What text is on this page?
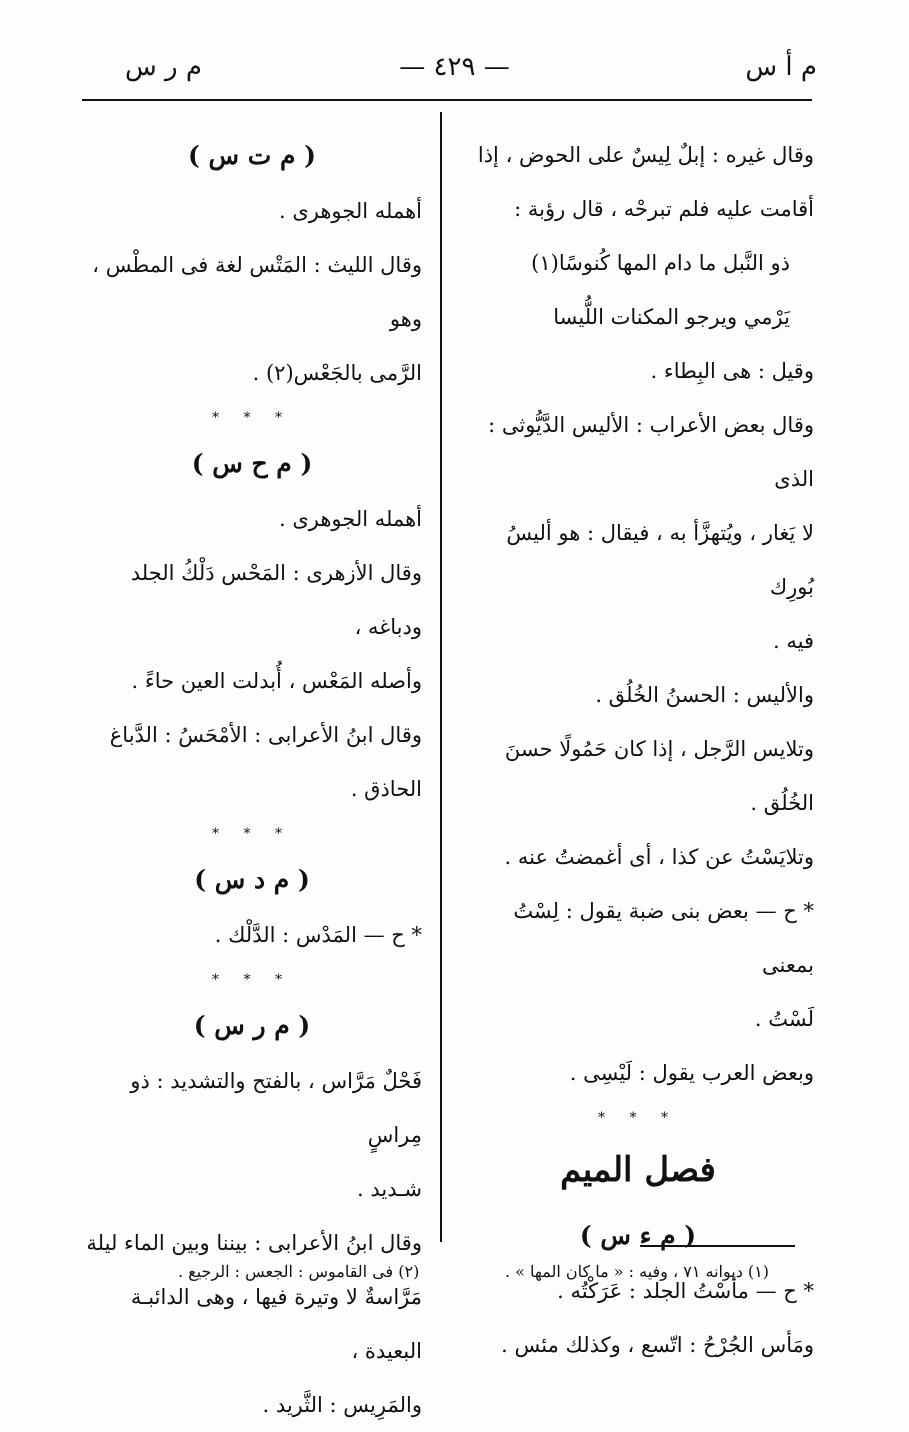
م أ س
— ٤٢٩ —
م ر س

وقال غيره : إبلٌ لِيسٌ على الحوض ، إذا

أقامت عليه فلم تبرحْه ، قال رؤبة :

ذو النَّبل ما دام المها كُنوسًا(١)

يَرْمي ويرجو المكنات اللُّيسا

وقيل : هى البِطاء .

وقال بعض الأعراب : الأليس الدَّيُّوثى : الذى

لا يَغار ، ويُتهزَّأ به ، فيقال : هو أليسُ بُورِك

فيه .

والأليس : الحسنُ الخُلُق .

وتلايس الرَّجل ، إذا كان حَمُولًا حسنَ

الخُلُق .

وتلايَسْتُ عن كذا ، أى أغمضتُ عنه .

* ح — بعض بنى ضبة يقول : لِسْتُ بمعنى

لَسْتُ .

وبعض العرب يقول : لَيْسِى .

* * *
فصل الميم
( م ء س )

* ح — مأسْتُ الجلد : عَرَكْتُه .

ومَأس الجُرْحُ : اتّسع ، وكذلك مئس .

( م ت س )

أهمله الجوهرى .

وقال الليث : المَتْس لغة فى المطْس ، وهو

الرَّمى بالجَعْس(٢) .

* * *
( م ح س )

أهمله الجوهرى .

وقال الأزهرى : المَحْس دَلْكُ الجلد ودباغه ،

وأصله المَعْس ، أُبدلت العين حاءً .

وقال ابنُ الأعرابى : الأمْحَسُ : الدَّباغ

الحاذق .

* * *
( م د س )

* ح — المَدْس : الدَّلْك .

* * *
( م ر س )

فَحْلٌ مَرَّاس ، بالفتح والتشديد : ذو مِراسٍ

شـديد .

وقال ابنُ الأعرابى : بيننا وبين الماء ليلة

مَرَّاسةٌ لا وتيرة فيها ، وهى الدائبـة البعيدة ،

والمَرِيس : الثَّريد .

(١) ديوانه ٧١ ، وفيه : « ما كان المها » .
(٢) فى القاموس : الجعس : الرجيع .
